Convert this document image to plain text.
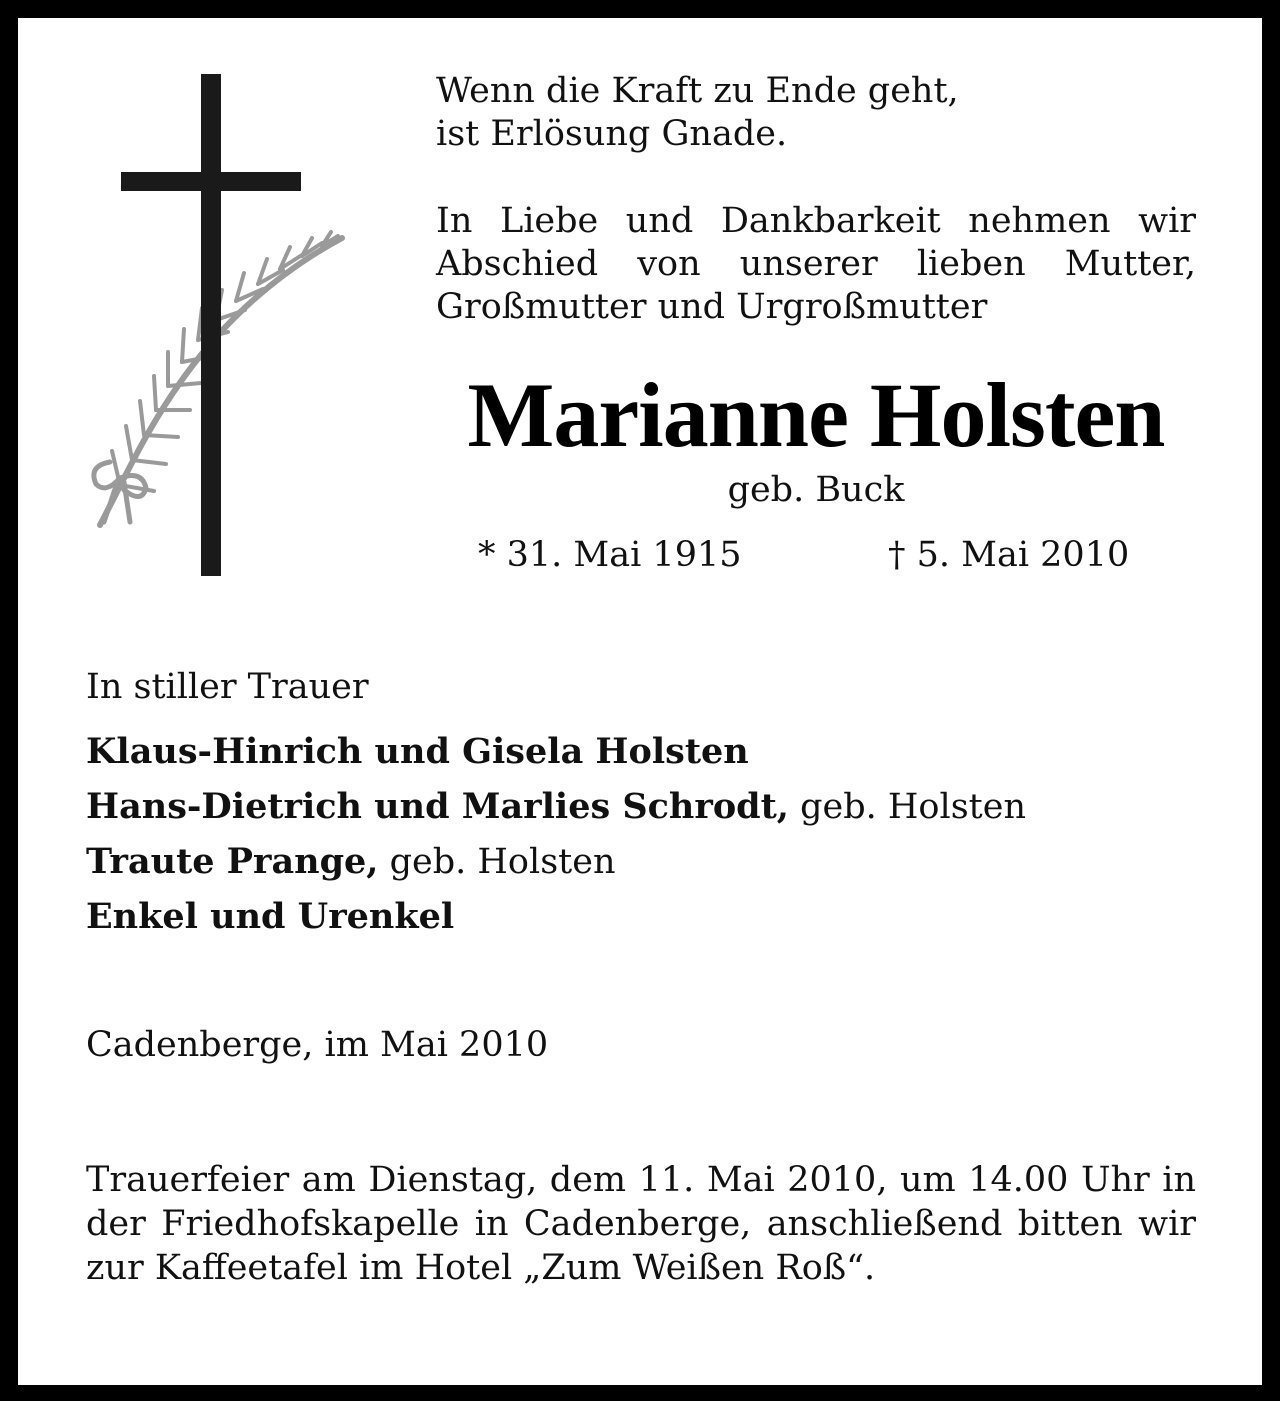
Wenn die Kraft zu Ende geht,
ist Erlösung Gnade.
In Liebe und Dankbarkeit nehmen wir
Abschied von unserer lieben Mutter,
Großmutter und Urgroßmutter
Marianne Holsten
geb. Buck
* 31. Mai 1915	† 5. Mai 2010
In stiller Trauer
Klaus-Hinrich und Gisela Holsten
Hans-Dietrich und Marlies Schrodt, geb. Holsten
Traute Prange, geb. Holsten
Enkel und Urenkel
Cadenberge, im Mai 2010
Trauerfeier am Dienstag, dem 11. Mai 2010, um 14.00 Uhr in der Friedhofskapelle in Cadenberge, anschließend bitten wir zur Kaffeetafel im Hotel „Zum Weißen Roß“.
